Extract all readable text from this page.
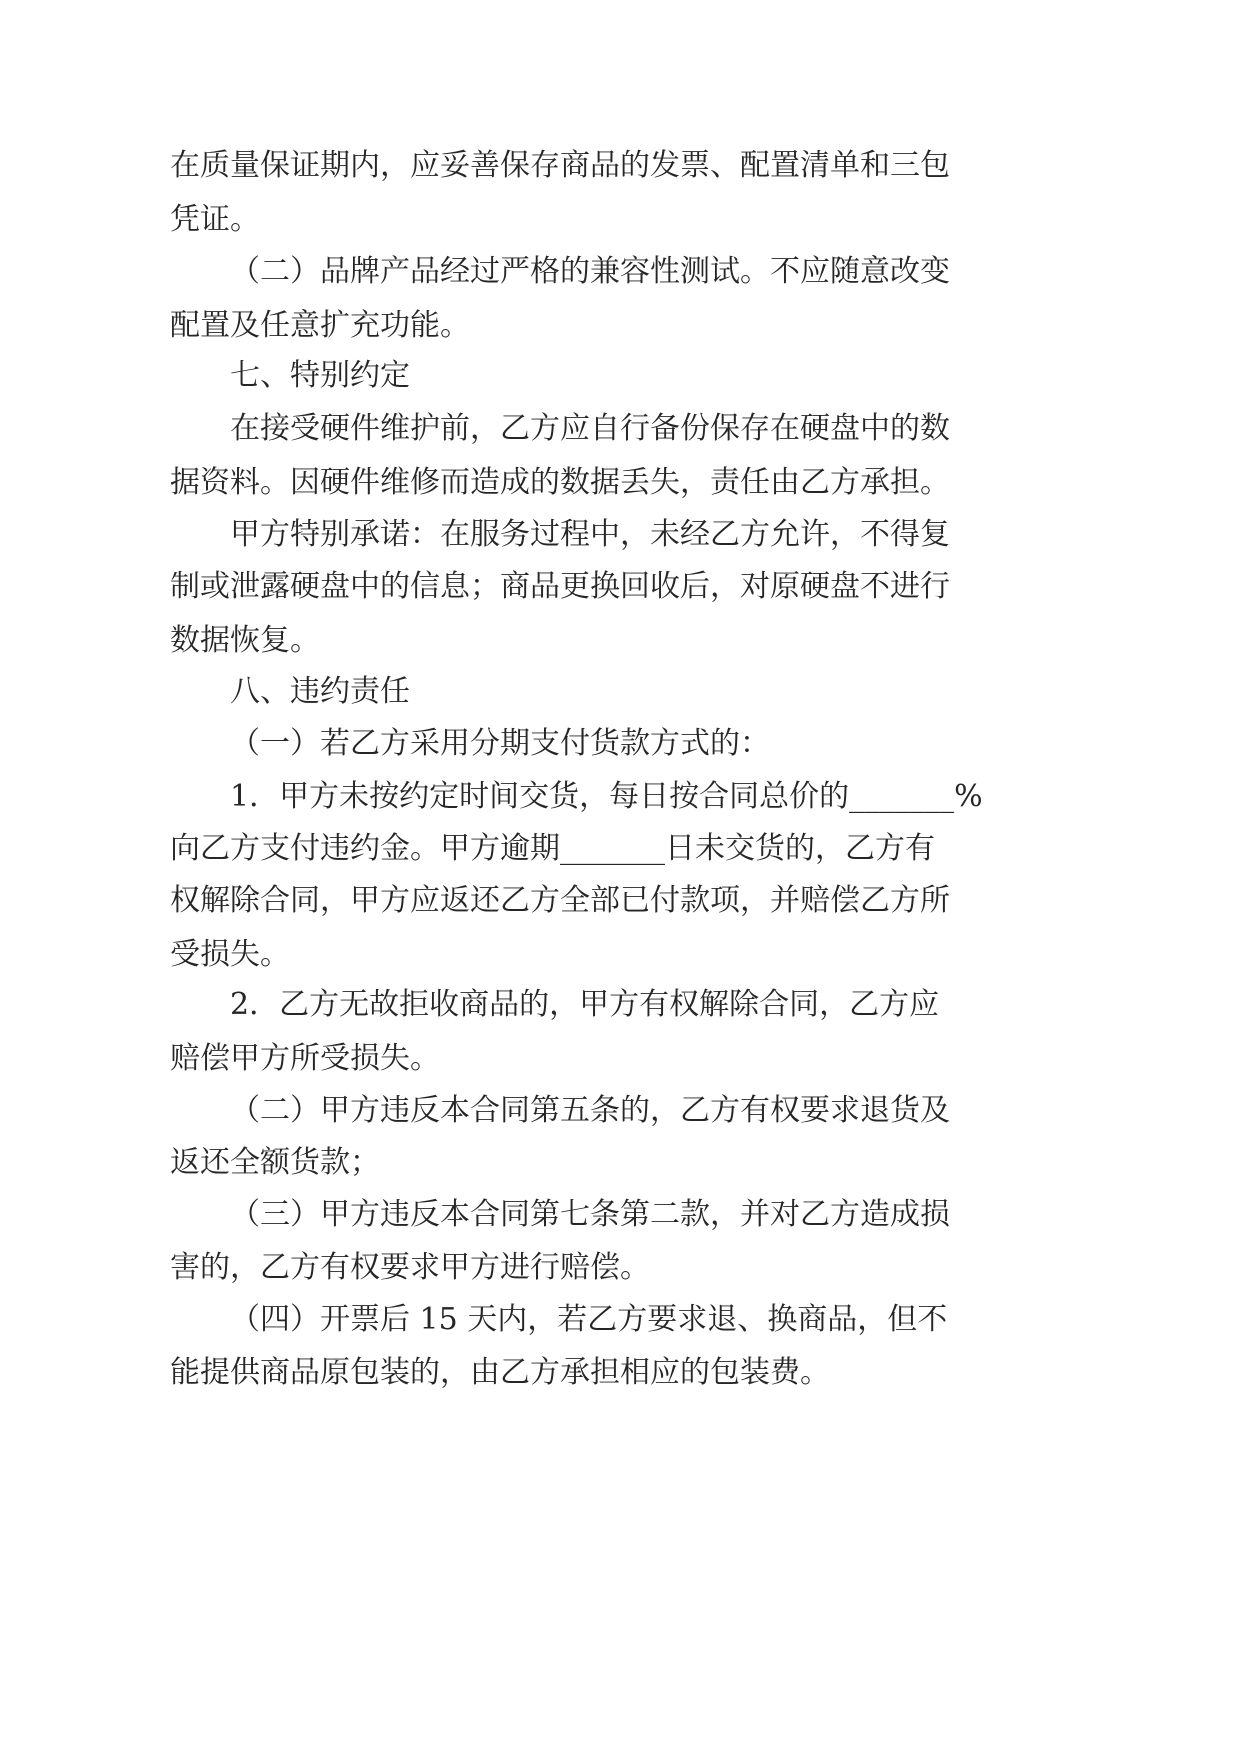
在质量保证期内，应妥善保存商品的发票、配置清单和三包

凭证。

（二）品牌产品经过严格的兼容性测试。不应随意改变

配置及任意扩充功能。

七、特别约定

在接受硬件维护前，乙方应自行备份保存在硬盘中的数

据资料。因硬件维修而造成的数据丢失，责任由乙方承担。

甲方特别承诺：在服务过程中，未经乙方允许，不得复

制或泄露硬盘中的信息；商品更换回收后，对原硬盘不进行

数据恢复。

八、违约责任

（一）若乙方采用分期支付货款方式的：

1．甲方未按约定时间交货，每日按合同总价的_______%

向乙方支付违约金。甲方逾期_______日未交货的，乙方有

权解除合同，甲方应返还乙方全部已付款项，并赔偿乙方所

受损失。

2．乙方无故拒收商品的，甲方有权解除合同，乙方应

赔偿甲方所受损失。

（二）甲方违反本合同第五条的，乙方有权要求退货及

返还全额货款；

（三）甲方违反本合同第七条第二款，并对乙方造成损

害的，乙方有权要求甲方进行赔偿。

（四）开票后 15 天内，若乙方要求退、换商品，但不

能提供商品原包装的，由乙方承担相应的包装费。
